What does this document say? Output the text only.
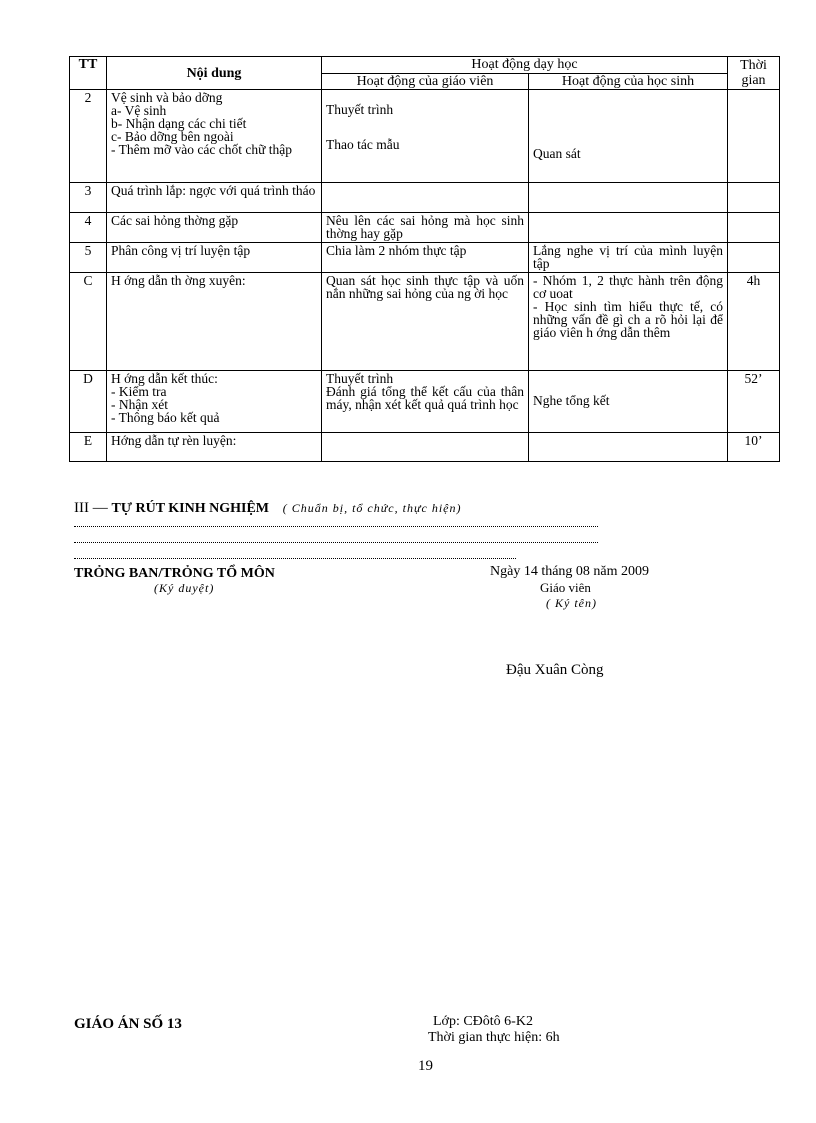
TT	Nội dung	Hoạt động dạy học		Thời
gian

		Hoạt động của giáo viên	Hoạt động của học sinh	
2	Vệ sinh và bảo dỡng
a- Vệ sinh
b- Nhận dạng các chi tiết
c- Bảo dỡng bên ngoài
- Thêm mỡ vào các chốt chữ thập	Thuyết trình
Thao tác mẫu	Quan sát	

3	Quá trình lắp: ngợc với quá trình tháo			
4	Các sai hỏng thờng gặp	Nêu lên các sai hỏng mà học sinh thờng hay gặp		
5	Phân công vị trí luyện tập	Chia làm 2 nhóm thực tập	Lắng nghe vị trí của mình luyện tập	
C	H ớng dẫn th ờng xuyên:	Quan sát học sinh thực tập và uốn nắn những sai hỏng của ng ời học	- Nhóm 1, 2 thực hành trên động cơ uoat
- Học sinh tìm hiểu thực tế, có những vấn đề gì ch a rõ hỏi lại để giáo viên h ớng dẫn thêm	4h
D	H ớng dẫn kết thúc:
- Kiểm tra
- Nhận xét
- Thông báo kết quả	Thuyết trình
Đánh giá tổng thể kết cấu của thân máy, nhận xét kết quả quá trình học	Nghe tổng kết	52’
E	Hớng dẫn tự rèn luyện:			10’
III — TỰ RÚT KINH NGHIỆM ( Chuẩn bị, tổ chức, thực hiện)
TRỎNG BAN/TRỎNG TỔ MÔN
(Ký duyệt)
Ngày 14 tháng 08 năm 2009
Giáo viên
( Ký tên)
Đậu Xuân Còng
GIÁO ÁN SỐ 13	Lớp: CĐôtô 6-K2
Thời gian thực hiện: 6h
19
